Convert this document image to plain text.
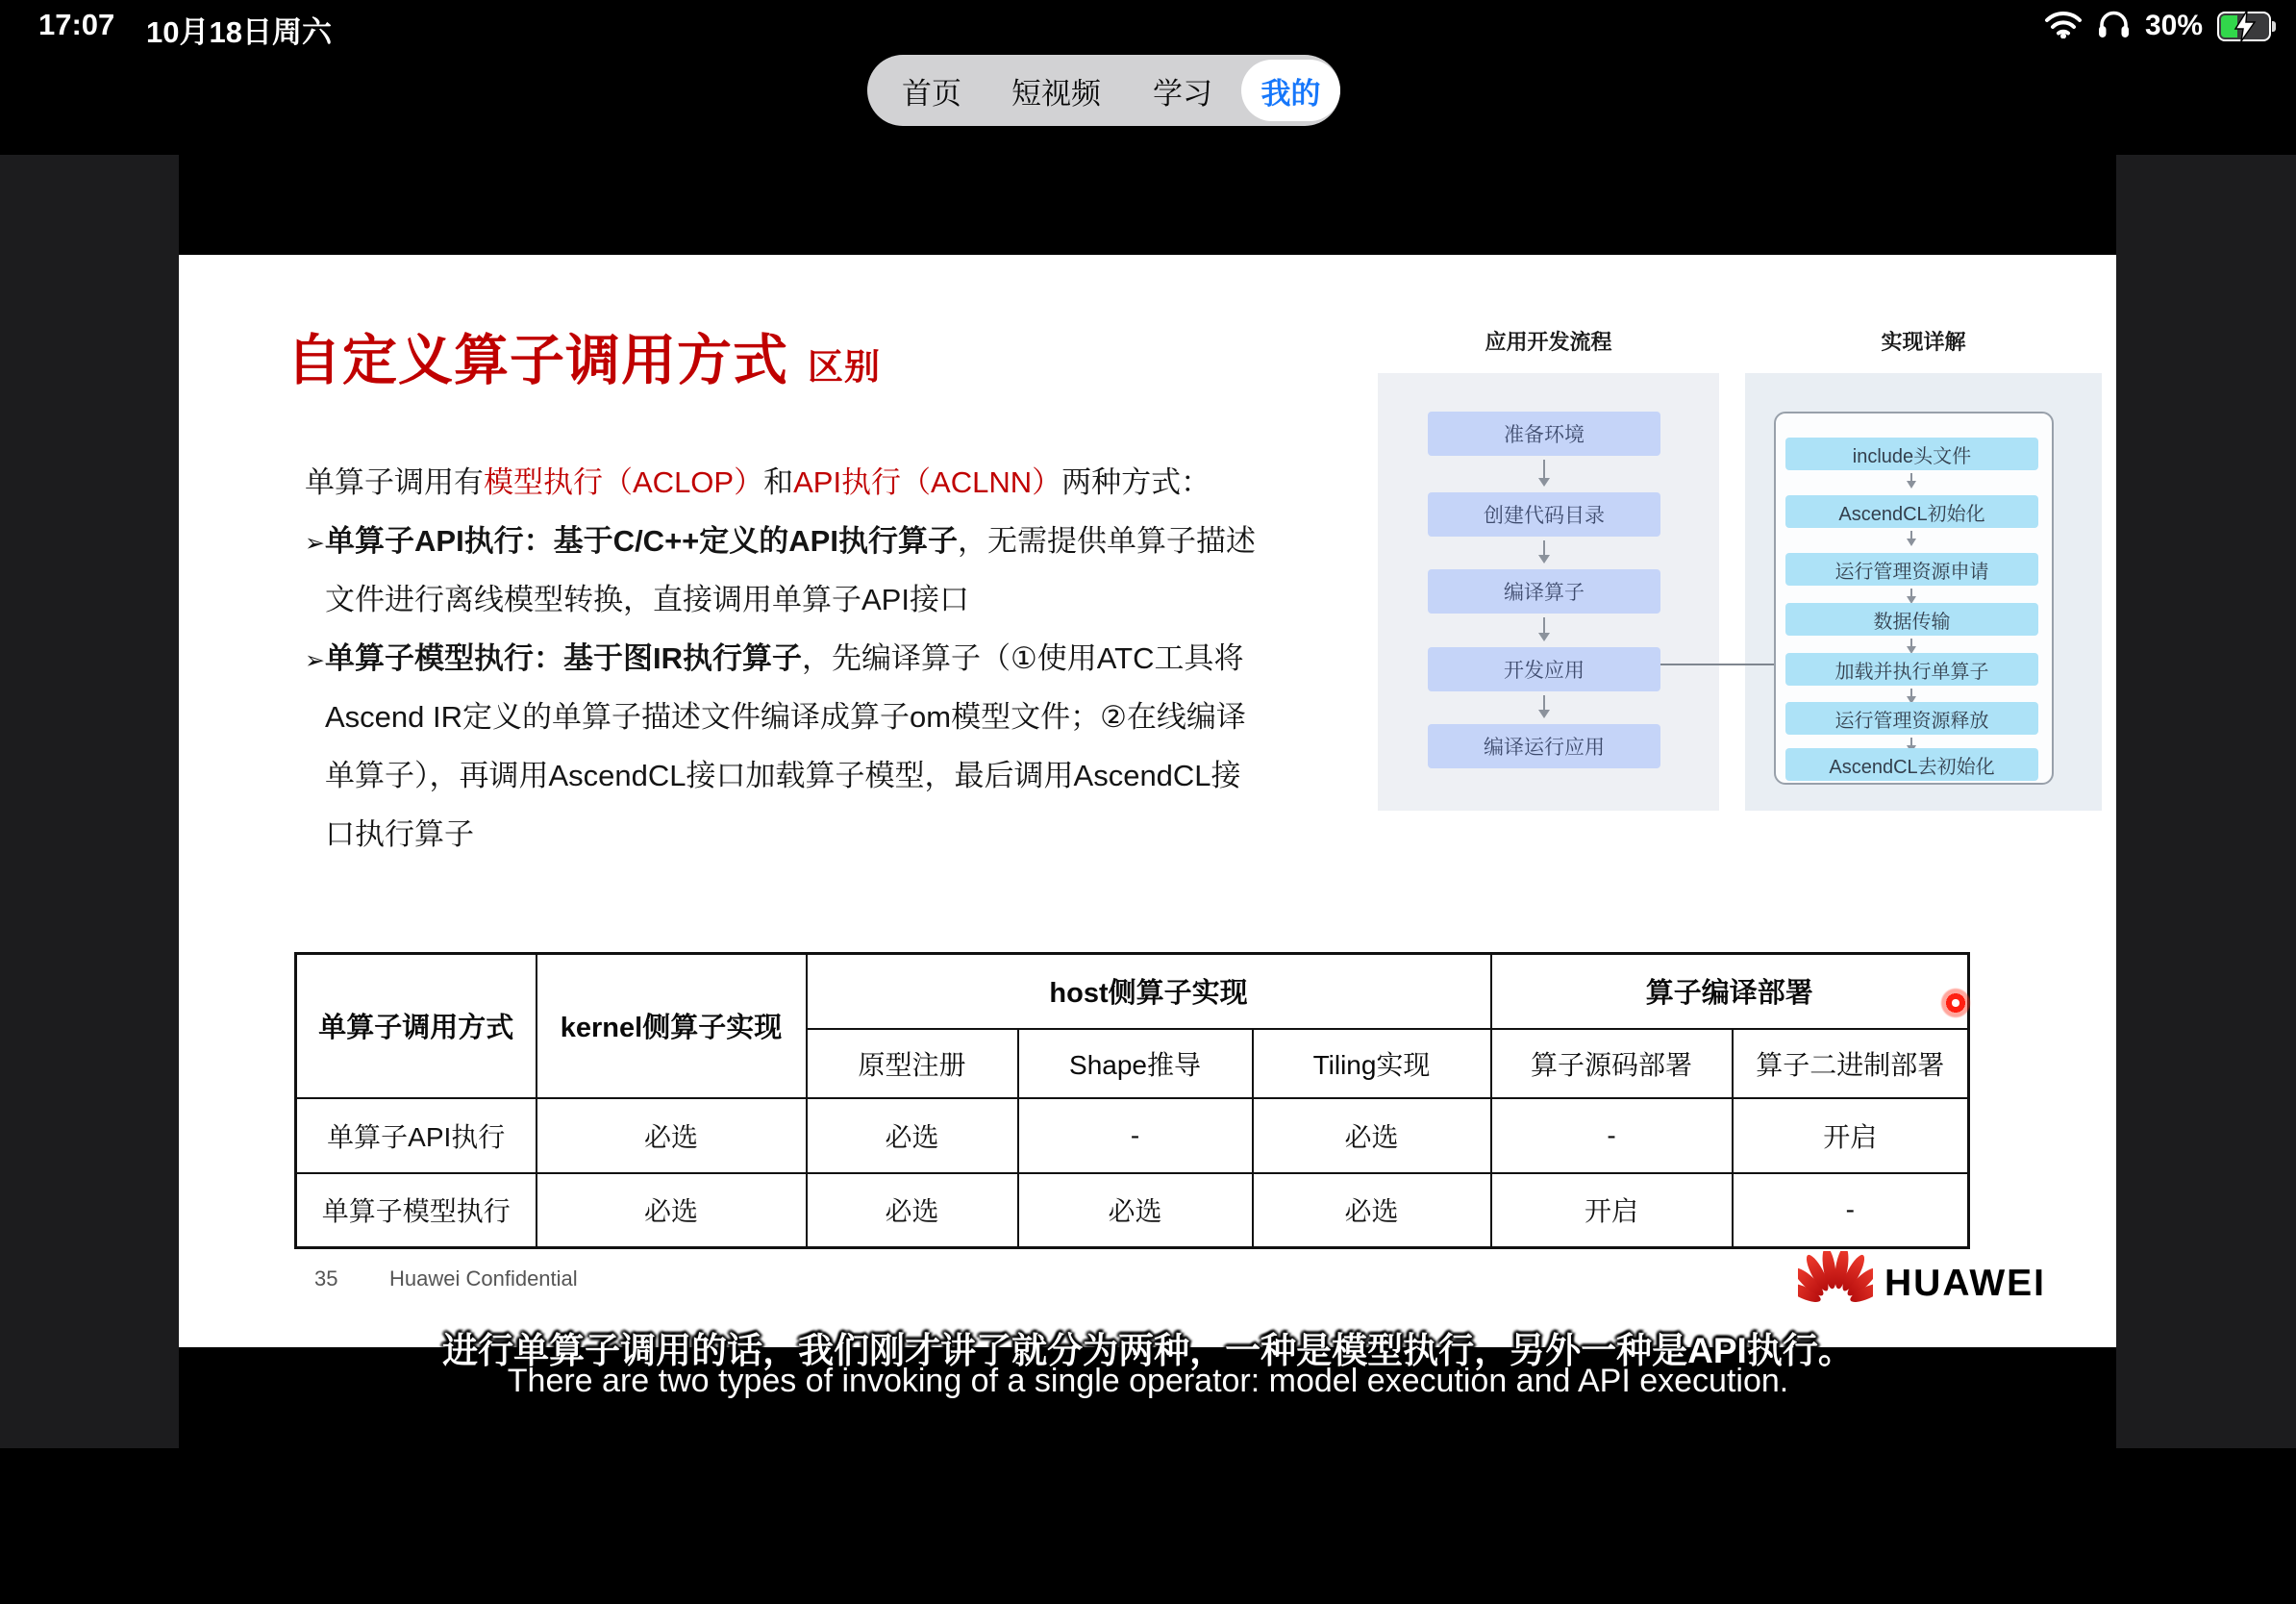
17:07 10月18日周六	30%
首页 短视频 学习	我的
自定义算子调用方式 区别
单算子调用有模型执行（ACLOP）和API执行（ACLNN）两种方式：
➢单算子API执行：基于C/C++定义的API执行算子，无需提供单算子描述
文件进行离线模型转换，直接调用单算子API接口
➢单算子模型执行：基于图IR执行算子，先编译算子（①使用ATC工具将
Ascend IR定义的单算子描述文件编译成算子om模型文件；②在线编译
单算子），再调用AscendCL接口加载算子模型，最后调用AscendCL接
口执行算子
应用开发流程
准备环境
创建代码目录
编译算子
开发应用
编译运行应用
实现详解
include头文件
AscendCL初始化
运行管理资源申请
数据传输
加载并执行单算子
运行管理资源释放
AscendCL去初始化
单算子调用方式	kernel侧算子实现	host侧算子实现			算子编译部署	
		原型注册	Shape推导	Tiling实现	算子源码部署	算子二进制部署
单算子API执行	必选	必选	-	必选	-	开启
单算子模型执行	必选	必选	必选	必选	开启	-
35 Huawei Confidential	HUAWEI
进行单算子调用的话，我们刚才讲了就分为两种，一种是模型执行，另外一种是API执行。
There are two types of invoking of a single operator: model execution and API execution.
